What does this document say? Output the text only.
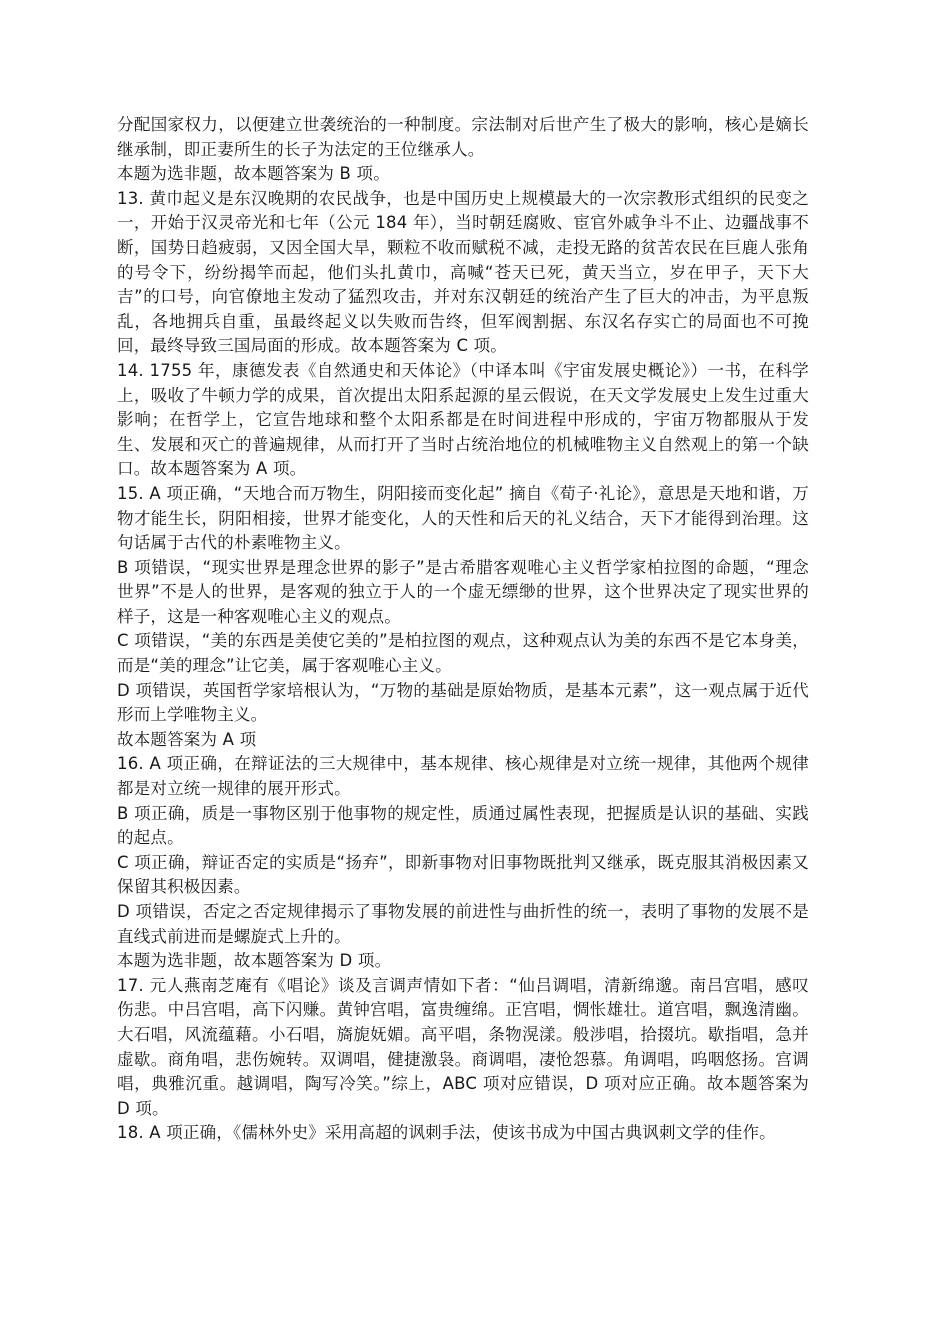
分配国家权力，以便建立世袭统治的一种制度。宗法制对后世产生了极大的影响，核心是嫡长继承制，即正妻所生的长子为法定的王位继承人。

本题为选非题，故本题答案为 B 项。

13. 黄巾起义是东汉晚期的农民战争，也是中国历史上规模最大的一次宗教形式组织的民变之一，开始于汉灵帝光和七年（公元 184 年），当时朝廷腐败、宦官外戚争斗不止、边疆战事不断，国势日趋疲弱，又因全国大旱，颗粒不收而赋税不减，走投无路的贫苦农民在巨鹿人张角的号令下，纷纷揭竿而起，他们头扎黄巾，高喊“苍天已死，黄天当立，岁在甲子，天下大吉”的口号，向官僚地主发动了猛烈攻击，并对东汉朝廷的统治产生了巨大的冲击，为平息叛乱，各地拥兵自重，虽最终起义以失败而告终，但军阀割据、东汉名存实亡的局面也不可挽回，最终导致三国局面的形成。故本题答案为 C 项。

14. 1755 年，康德发表《自然通史和天体论》（中译本叫《宇宙发展史概论》）一书，在科学上，吸收了牛顿力学的成果，首次提出太阳系起源的星云假说，在天文学发展史上发生过重大影响；在哲学上，它宣告地球和整个太阳系都是在时间进程中形成的，宇宙万物都服从于发生、发展和灭亡的普遍规律，从而打开了当时占统治地位的机械唯物主义自然观上的第一个缺口。故本题答案为 A 项。

15. A 项正确，“天地合而万物生，阴阳接而变化起” 摘自《荀子·礼论》，意思是天地和谐，万物才能生长，阴阳相接，世界才能变化，人的天性和后天的礼义结合，天下才能得到治理。这句话属于古代的朴素唯物主义。

B 项错误，“现实世界是理念世界的影子”是古希腊客观唯心主义哲学家柏拉图的命题，“理念世界”不是人的世界，是客观的独立于人的一个虚无缥缈的世界，这个世界决定了现实世界的样子，这是一种客观唯心主义的观点。

C 项错误，“美的东西是美使它美的”是柏拉图的观点，这种观点认为美的东西不是它本身美，而是“美的理念”让它美，属于客观唯心主义。

D 项错误，英国哲学家培根认为，“万物的基础是原始物质，是基本元素”，这一观点属于近代形而上学唯物主义。

故本题答案为 A 项

16. A 项正确，在辩证法的三大规律中，基本规律、核心规律是对立统一规律，其他两个规律都是对立统一规律的展开形式。

B 项正确，质是一事物区别于他事物的规定性，质通过属性表现，把握质是认识的基础、实践的起点。

C 项正确，辩证否定的实质是“扬弃”，即新事物对旧事物既批判又继承，既克服其消极因素又保留其积极因素。

D 项错误，否定之否定规律揭示了事物发展的前进性与曲折性的统一，表明了事物的发展不是直线式前进而是螺旋式上升的。

本题为选非题，故本题答案为 D 项。

17. 元人燕南芝庵有《唱论》谈及言调声情如下者：“仙吕调唱，清新绵邈。南吕宫唱，感叹伤悲。中吕宫唱，高下闪赚。黄钟宫唱，富贵缠绵。正宫唱，惆怅雄壮。道宫唱，飘逸清幽。大石唱，风流蕴藉。小石唱，旖旎妩媚。高平唱，条物滉漾。般涉唱，拾掇坑。歇指唱，急并虚歇。商角唱，悲伤婉转。双调唱，健捷激袅。商调唱，凄怆怨慕。角调唱，呜咽悠扬。宫调唱，典雅沉重。越调唱，陶写冷笑。”综上，ABC 项对应错误，D 项对应正确。故本题答案为 D 项。

18. A 项正确，《儒林外史》采用高超的讽刺手法，使该书成为中国古典讽刺文学的佳作。
